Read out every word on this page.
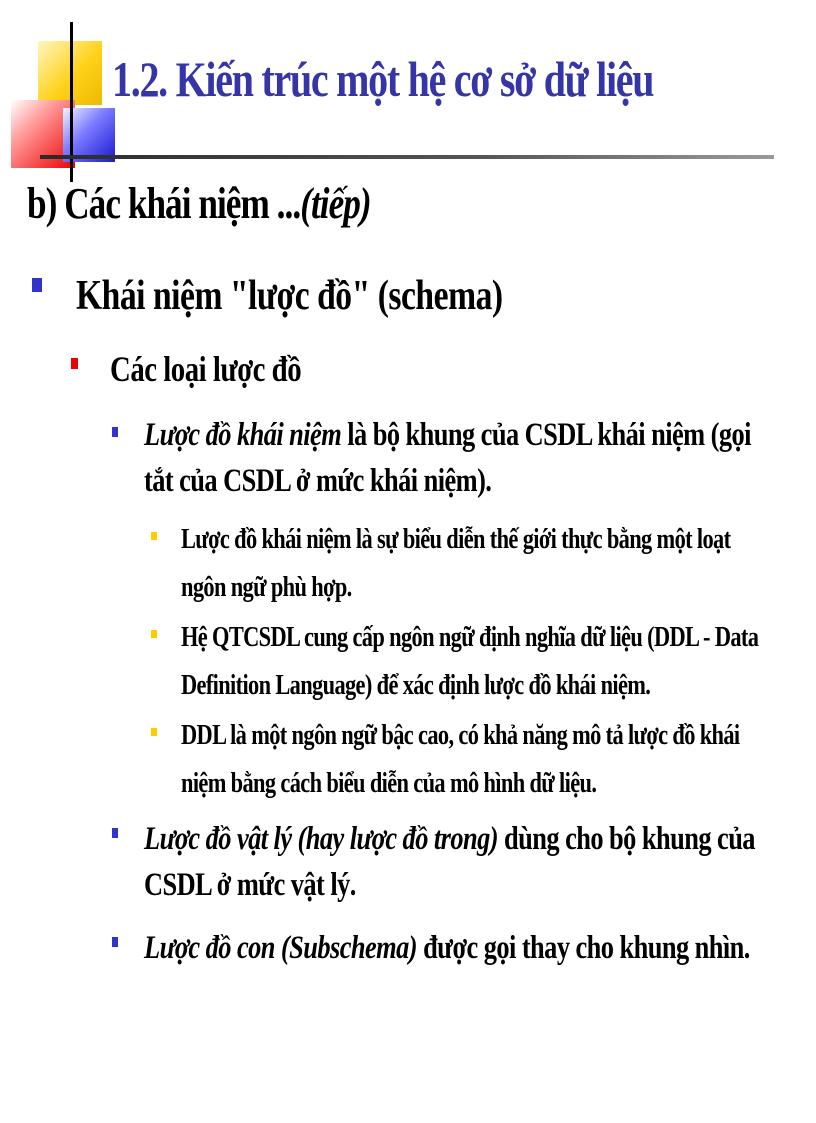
1.2. Kiến trúc một hệ cơ sở dữ liệu
b) Các khái niệm ...(tiếp)
Khái niệm "lược đồ" (schema)
Các loại lược đồ
Lược đồ khái niệm là bộ khung của CSDL khái niệm (gọi tắt của CSDL ở mức khái niệm).
Lược đồ khái niệm là sự biểu diễn thế giới thực bằng một loạt ngôn ngữ phù hợp.
Hệ QTCSDL cung cấp ngôn ngữ định nghĩa dữ liệu (DDL - Data Definition Language) để xác định lược đồ khái niệm.
DDL là một ngôn ngữ bậc cao, có khả năng mô tả lược đồ khái niệm bằng cách biểu diễn của mô hình dữ liệu.
Lược đồ vật lý (hay lược đồ trong) dùng cho bộ khung của CSDL ở mức vật lý.
Lược đồ con (Subschema) được gọi thay cho khung nhìn.
